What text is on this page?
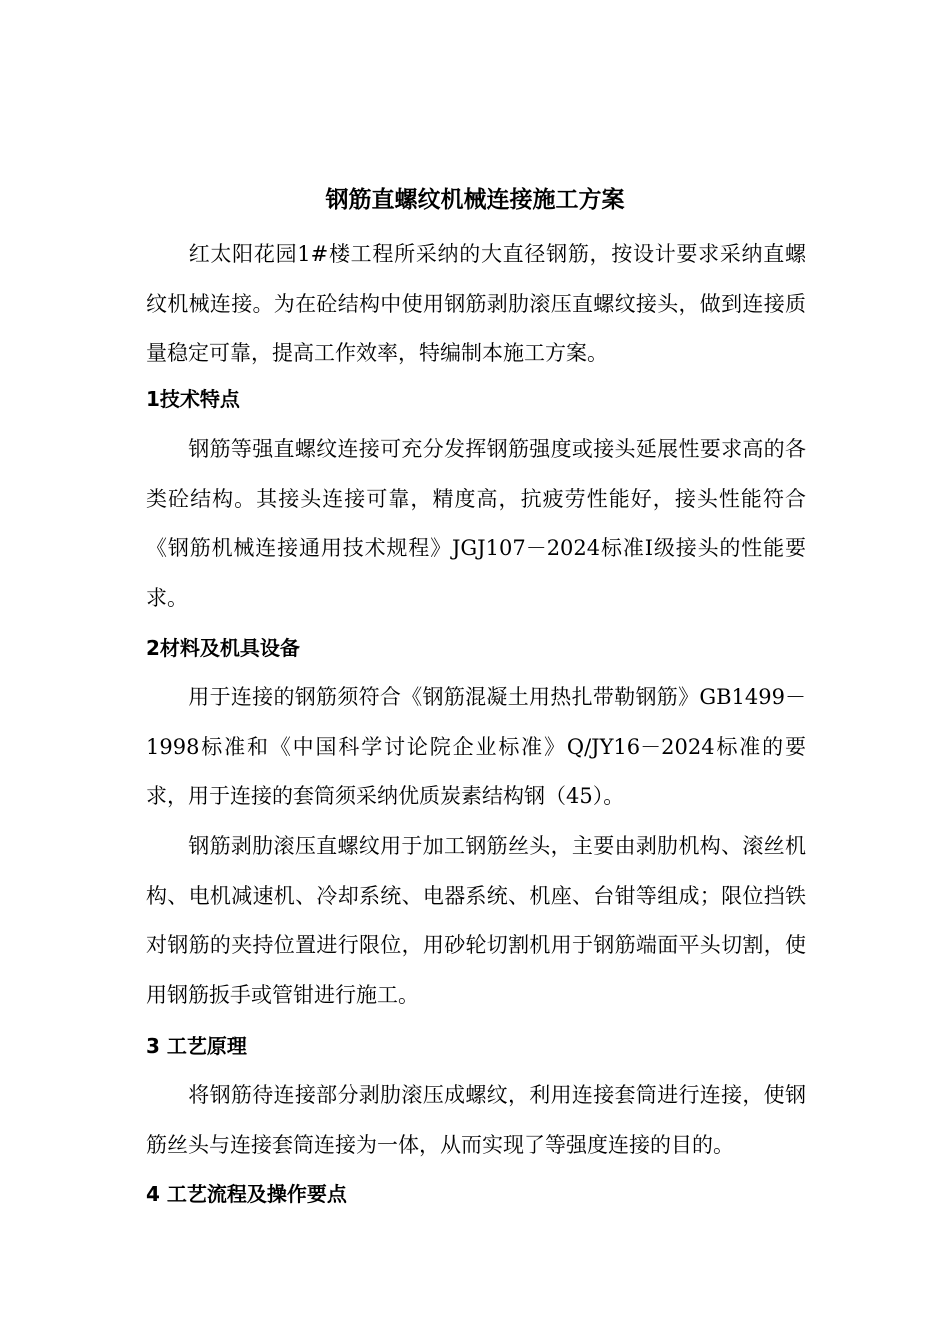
钢筋直螺纹机械连接施工方案

红太阳花园1#楼工程所采纳的大直径钢筋，按设计要求采纳直螺纹机械连接。为在砼结构中使用钢筋剥肋滚压直螺纹接头，做到连接质量稳定可靠，提高工作效率，特编制本施工方案。

1技术特点

钢筋等强直螺纹连接可充分发挥钢筋强度或接头延展性要求高的各类砼结构。其接头连接可靠，精度高，抗疲劳性能好，接头性能符合《钢筋机械连接通用技术规程》JGJ107－2024标准Ⅰ级接头的性能要求。

2材料及机具设备

用于连接的钢筋须符合《钢筋混凝土用热扎带勒钢筋》GB1499－1998标准和《中国科学讨论院企业标准》Q/JY16－2024标准的要求，用于连接的套筒须采纳优质炭素结构钢（45）。

钢筋剥肋滚压直螺纹用于加工钢筋丝头，主要由剥肋机构、滚丝机构、电机减速机、冷却系统、电器系统、机座、台钳等组成；限位挡铁对钢筋的夹持位置进行限位，用砂轮切割机用于钢筋端面平头切割，使用钢筋扳手或管钳进行施工。

3 工艺原理

将钢筋待连接部分剥肋滚压成螺纹，利用连接套筒进行连接，使钢筋丝头与连接套筒连接为一体，从而实现了等强度连接的目的。

4 工艺流程及操作要点
